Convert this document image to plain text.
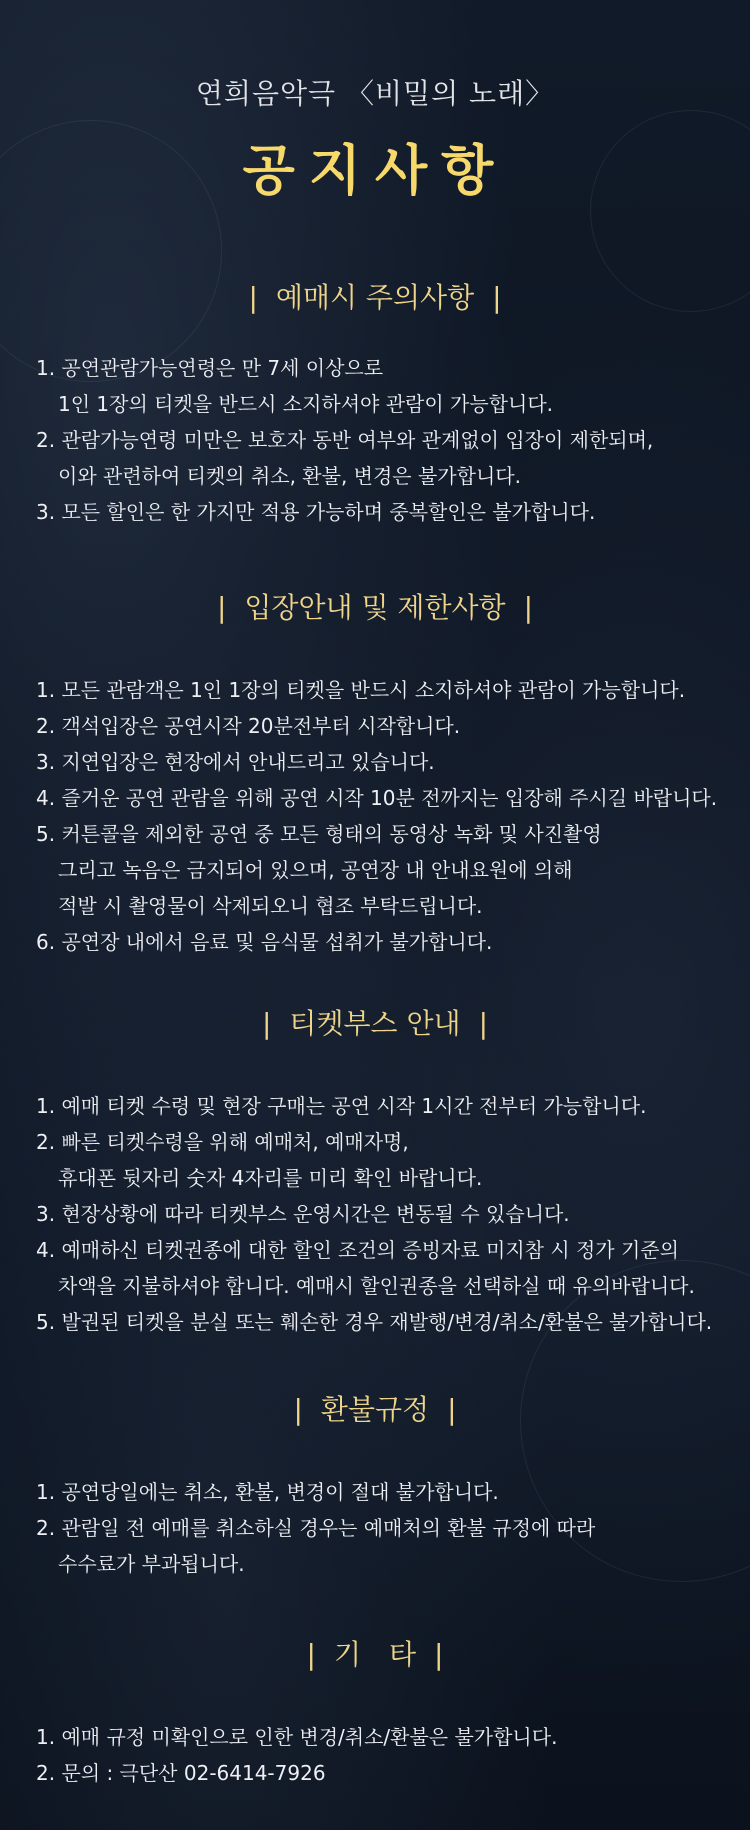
연희음악극 〈비밀의 노래〉
공지사항
| 예매시 주의사항 |
1. 공연관람가능연령은 만 7세 이상으로
1인 1장의 티켓을 반드시 소지하셔야 관람이 가능합니다.
2. 관람가능연령 미만은 보호자 동반 여부와 관계없이 입장이 제한되며,
이와 관련하여 티켓의 취소, 환불, 변경은 불가합니다.
3. 모든 할인은 한 가지만 적용 가능하며 중복할인은 불가합니다.
| 입장안내 및 제한사항 |
1. 모든 관람객은 1인 1장의 티켓을 반드시 소지하셔야 관람이 가능합니다.
2. 객석입장은 공연시작 20분전부터 시작합니다.
3. 지연입장은 현장에서 안내드리고 있습니다.
4. 즐거운 공연 관람을 위해 공연 시작 10분 전까지는 입장해 주시길 바랍니다.
5. 커튼콜을 제외한 공연 중 모든 형태의 동영상 녹화 및 사진촬영
그리고 녹음은 금지되어 있으며, 공연장 내 안내요원에 의해
적발 시 촬영물이 삭제되오니 협조 부탁드립니다.
6. 공연장 내에서 음료 및 음식물 섭취가 불가합니다.
| 티켓부스 안내 |
1. 예매 티켓 수령 및 현장 구매는 공연 시작 1시간 전부터 가능합니다.
2. 빠른 티켓수령을 위해 예매처, 예매자명,
휴대폰 뒷자리 숫자 4자리를 미리 확인 바랍니다.
3. 현장상황에 따라 티켓부스 운영시간은 변동될 수 있습니다.
4. 예매하신 티켓권종에 대한 할인 조건의 증빙자료 미지참 시 정가 기준의
차액을 지불하셔야 합니다. 예매시 할인권종을 선택하실 때 유의바랍니다.
5. 발권된 티켓을 분실 또는 훼손한 경우 재발행/변경/취소/환불은 불가합니다.
| 환불규정 |
1. 공연당일에는 취소, 환불, 변경이 절대 불가합니다.
2. 관람일 전 예매를 취소하실 경우는 예매처의 환불 규정에 따라
수수료가 부과됩니다.
| 기　타 |
1. 예매 규정 미확인으로 인한 변경/취소/환불은 불가합니다.
2. 문의 : 극단산 02-6414-7926
